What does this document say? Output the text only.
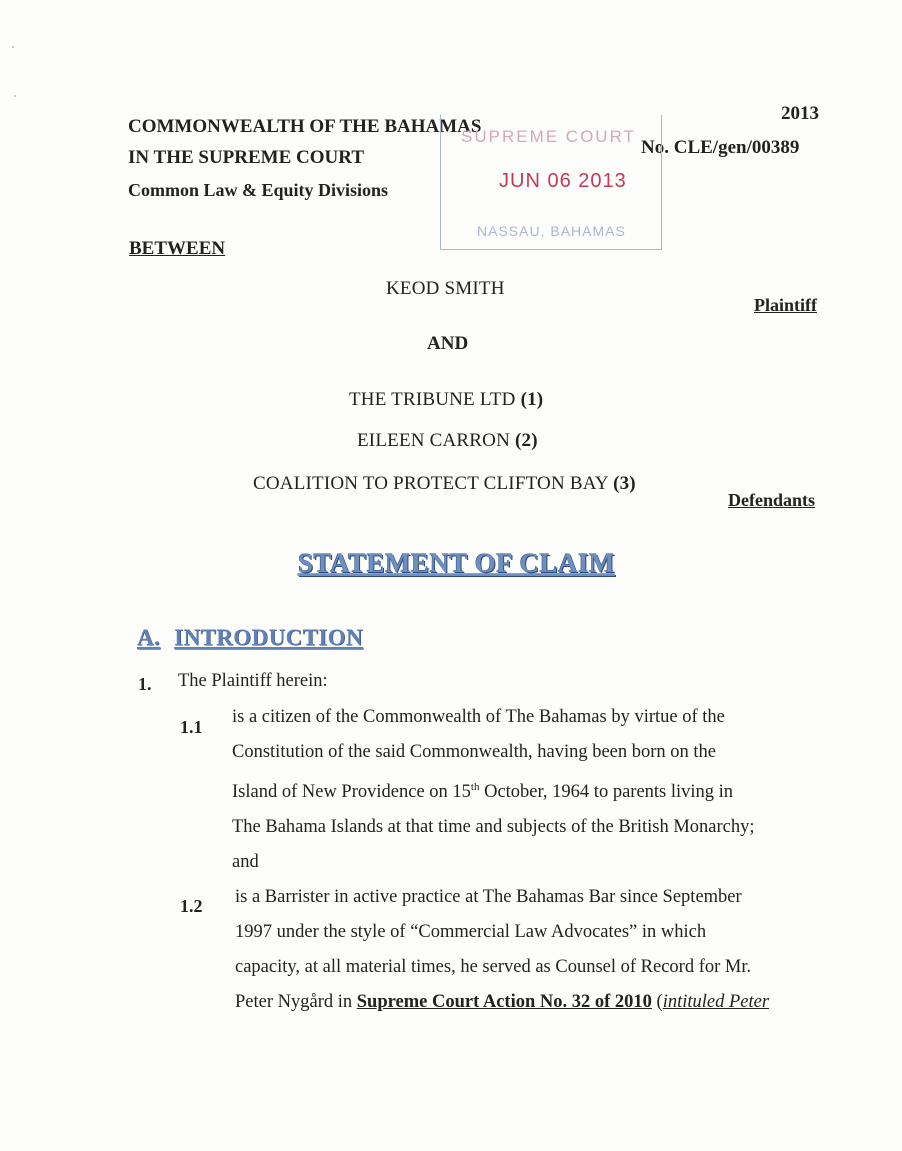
COMMONWEALTH OF THE BAHAMAS
IN THE SUPREME COURT
Common Law & Equity Divisions
2013
No. CLE/gen/00389
SUPREME COURT
JUN 06 2013
NASSAU, BAHAMAS
BETWEEN
KEOD SMITH
Plaintiff
AND
THE TRIBUNE LTD (1)
EILEEN CARRON (2)
COALITION TO PROTECT CLIFTON BAY (3)
Defendants
STATEMENT OF CLAIM
A. INTRODUCTION
1. The Plaintiff herein:
1.1 is a citizen of the Commonwealth of The Bahamas by virtue of the
Constitution of the said Commonwealth, having been born on the
Island of New Providence on 15th October, 1964 to parents living in
The Bahama Islands at that time and subjects of the British Monarchy;
and
1.2 is a Barrister in active practice at The Bahamas Bar since September
1997 under the style of “Commercial Law Advocates” in which
capacity, at all material times, he served as Counsel of Record for Mr.
Peter Nygård in Supreme Court Action No. 32 of 2010 (intituled Peter
